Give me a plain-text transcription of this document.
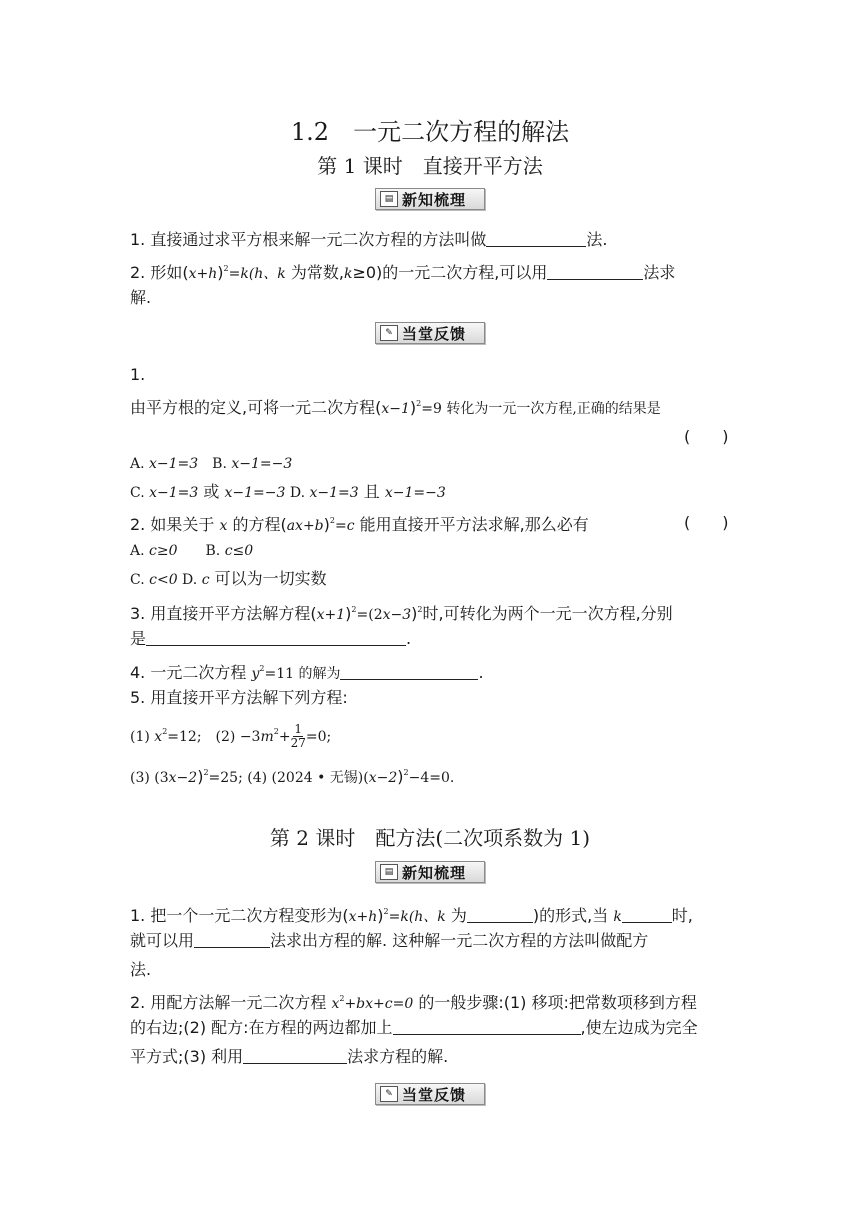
1.2　一元二次方程的解法
第 1 课时　直接开平方法
▤ 新知梳理
1. 直接通过求平方根来解一元二次方程的方法叫做	法.
2. 形如$(x+h)^2=k(h$、k 为常数,k≥0)的一元二次方程,可以用	法求
解.
✎ 当堂反馈
1.
由平方根的定义,可将一元二次方程$(x-1)^2=9$ 转化为一元一次方程,正确的结果是
(　　)
A. x−1=3　B. x−1=−3
C. x−1=3 或 x−1=−3 D. x−1=3 且 x−1=−3
2. 如果关于 x 的方程$(ax+b)^2=c$ 能用直接开平方法求解,那么必有	(　　)
A. c≥0　　B. c≤0
C. c<0 D. c 可以为一切实数
3. 用直接开平方法解方程$(x+1)^2=(2x-3)^2$时,可转化为两个一元一次方程,分别
是	.
4. 一元二次方程 $y^2=11$ 的解为	.
5. 用直接开平方法解下列方程:
(1) $x^2=12$;　$(2) -3m^2+ \frac{1}{27} =0$;
(3) $(3x-2)^2=25$; (4) (2024 • 无锡)$(x-2)^2-4=0$.
第 2 课时　配方法(二次项系数为 1)
▤ 新知梳理
1. 把一个一元二次方程变形为$(x+h)^2=k(h$、k 为	)的形式,当 k	时,
就可以用	法求出方程的解. 这种解一元二次方程的方法叫做配方
法.
2. 用配方法解一元二次方程 $x^2+bx+c=0$ 的一般步骤:(1) 移项:把常数项移到方程
的右边;(2) 配方:在方程的两边都加上	,使左边成为完全
平方式;(3) 利用	法求方程的解.
✎ 当堂反馈
